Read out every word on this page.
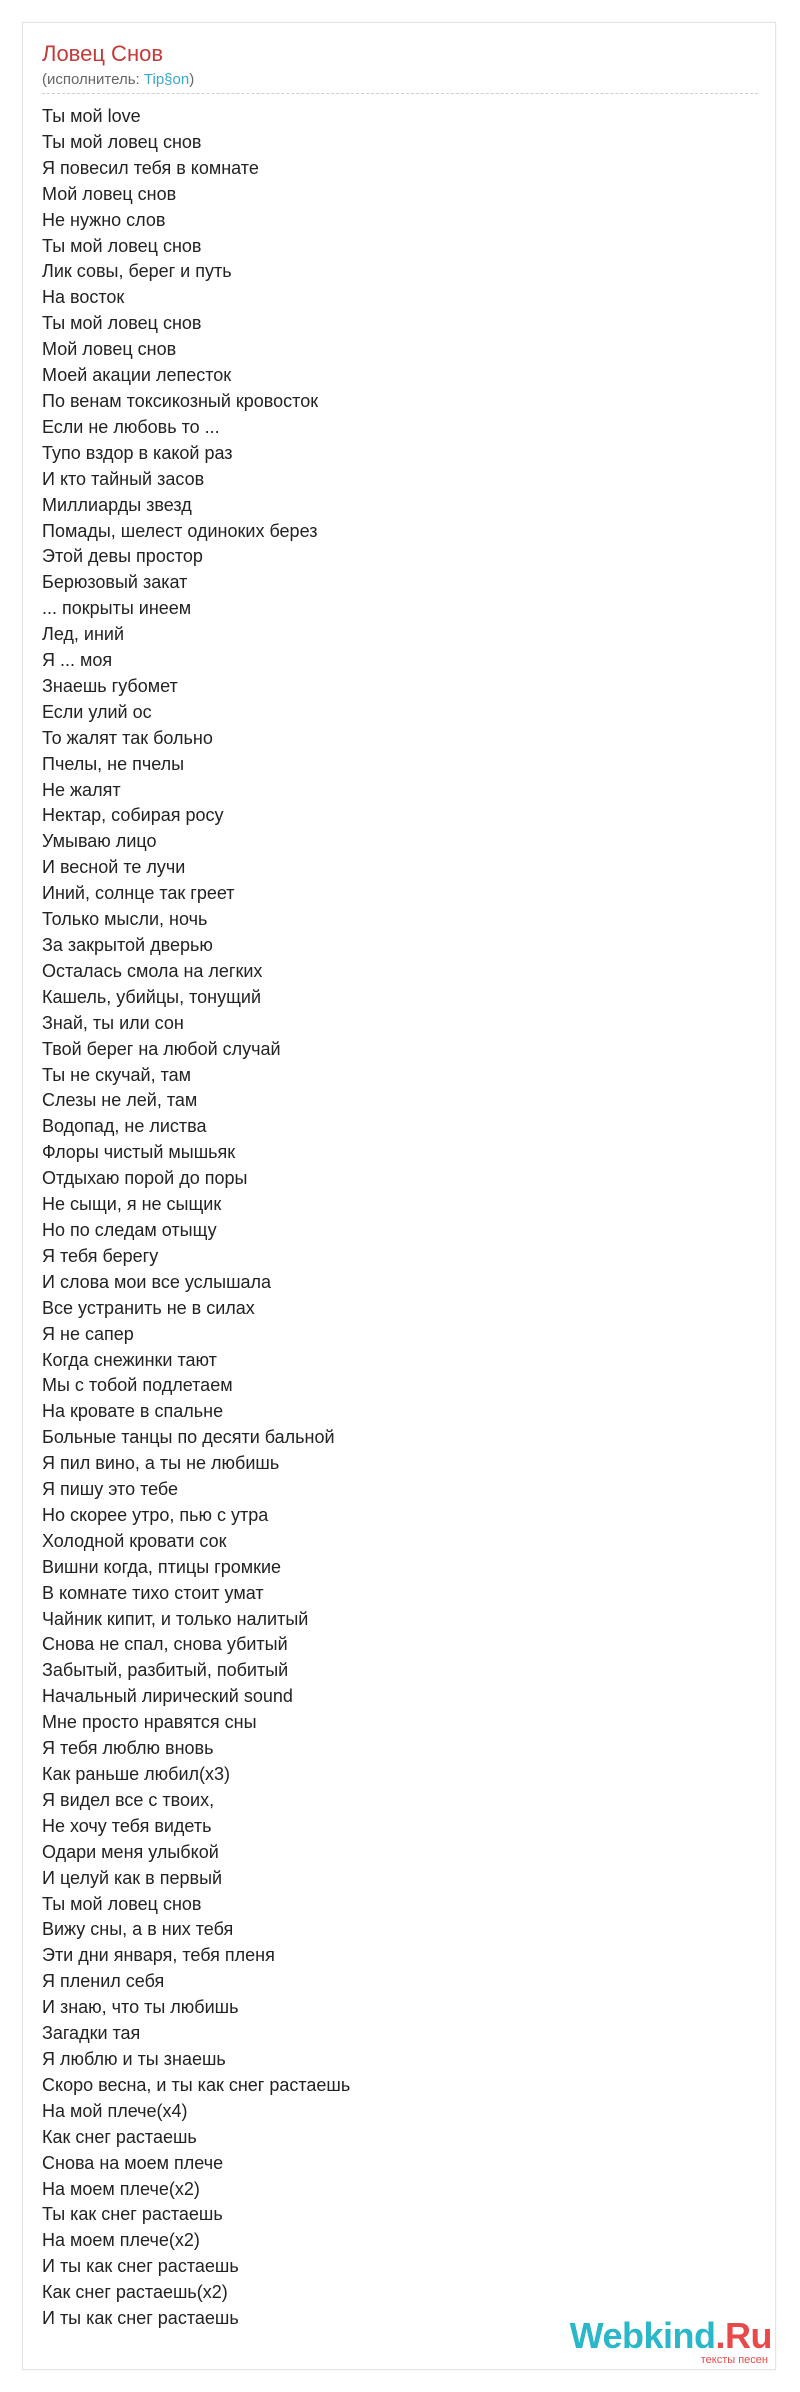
Ловец Снов
(исполнитель: Tip§on)
Ты мой love
Ты мой ловец снов
Я повесил тебя в комнате
Мой ловец снов
Не нужно слов
Ты мой ловец снов
Лик совы, берег и путь
На восток
Ты мой ловец снов
Мой ловец снов
Моей акации лепесток
По венам токсикозный кровосток
Если не любовь то ...
Тупо вздор в какой раз
И кто тайный засов
Миллиарды звезд
Помады, шелест одиноких берез
Этой девы простор
Берюзовый закат
... покрыты инеем
Лед, иний
Я ... моя
Знаешь губомет
Если улий ос
То жалят так больно
Пчелы, не пчелы
Не жалят
Нектар, собирая росу
Умываю лицо
И весной те лучи
Иний, солнце так греет
Только мысли, ночь
За закрытой дверью
Осталась смола на легких
Кашель, убийцы, тонущий
Знай, ты или сон
Твой берег на любой случай
Ты не скучай, там
Слезы не лей, там
Водопад, не листва
Флоры чистый мышьяк
Отдыхаю порой до поры
Не сыщи, я не сыщик
Но по следам отыщу
Я тебя берегу
И слова мои все услышала
Все устранить не в силах
Я не сапер
Когда снежинки тают
Мы с тобой подлетаем
На кровате в спальне
Больные танцы по десяти бальной
Я пил вино, а ты не любишь
Я пишу это тебе
Но скорее утро, пью с утра
Холодной кровати сок
Вишни когда, птицы громкие
В комнате тихо стоит умат
Чайник кипит, и только налитый
Снова не спал, снова убитый
Забытый, разбитый, побитый
Начальный лирический sound
Мне просто нравятся сны
Я тебя люблю вновь
Как раньше любил(x3)
Я видел все с твоих,
Не хочу тебя видеть
Одари меня улыбкой
И целуй как в первый
Ты мой ловец снов
Вижу сны, а в них тебя
Эти дни января, тебя пленя
Я пленил себя
И знаю, что ты любишь
Загадки тая
Я люблю и ты знаешь
Скоро весна, и ты как снег растаешь
На мой плече(x4)
Как снег растаешь
Снова на моем плече
На моем плече(x2)
Ты как снег растаешь
На моем плече(x2)
И ты как снег растаешь
Как снег растаешь(x2)
И ты как снег растаешь	Webkind.Ru
тексты песен
